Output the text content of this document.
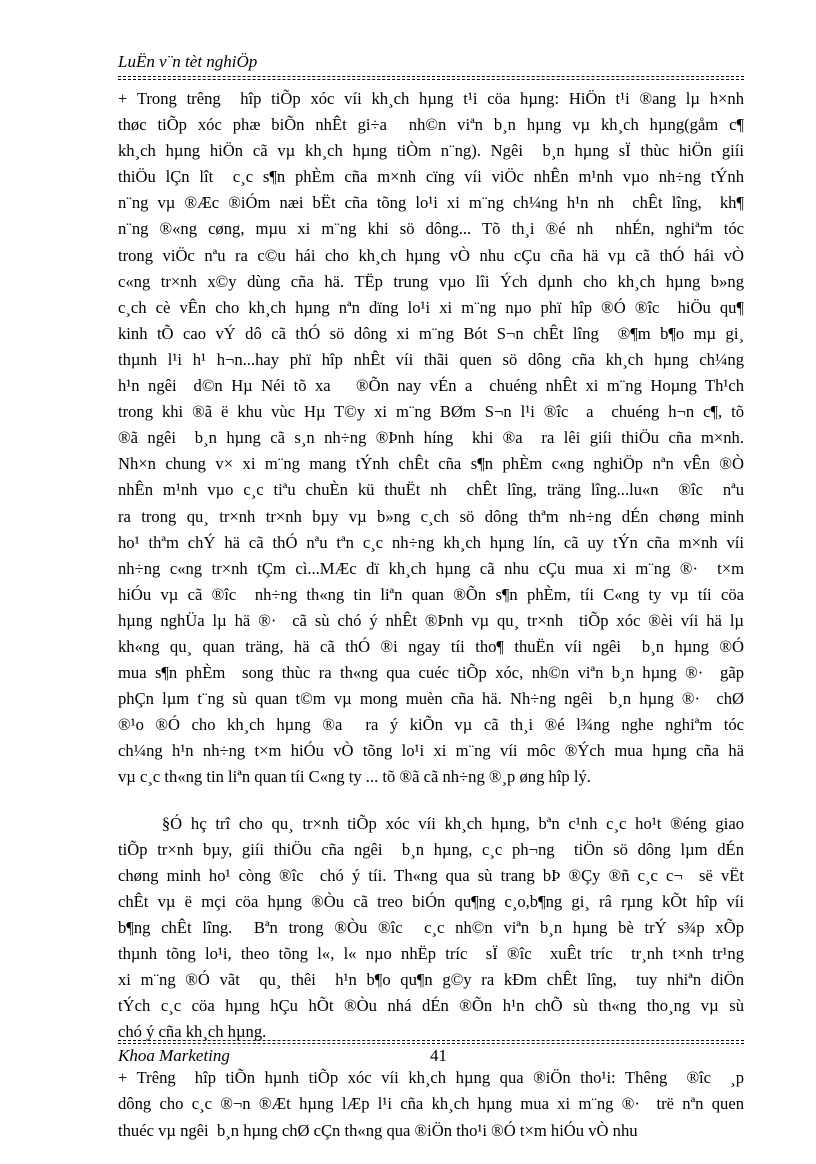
LuËn v¨n tèt nghiÖp
+ Trong trêng  hîp tiÕp xóc víi kh¸ch hµng t¹i cöa hµng: HiÖn t¹i ®ang lµ h×nh
thøc tiÕp xóc phæ biÕn nhÊt gi÷a  nh©n viªn b¸n hµng vµ kh¸ch hµng(gåm c¶
kh¸ch hµng hiÖn cã vµ kh¸ch hµng tiÒm n¨ng). Ngêi  b¸n hµng sÏ thùc hiÖn giíi
thiÖu lÇn lît  c¸c s¶n phÈm cña m×nh cïng víi viÖc nhÊn m¹nh vµo nh÷ng tÝnh
n¨ng vµ ®Æc ®iÓm næi bËt cña tõng lo¹i xi m¨ng ch¼ng h¹n nh  chÊt lîng,  kh¶
n¨ng ®«ng cøng, mµu xi m¨ng khi sö dông... Tõ th¸i ®é nh  nhÉn, nghiªm tóc
trong viÖc nªu ra c©u hái cho kh¸ch hµng vÒ nhu cÇu cña hä vµ cã thÓ hái vÒ
c«ng tr×nh x©y dùng cña hä. TËp trung vµo lîi Ých dµnh cho kh¸ch hµng b»ng
c¸ch cè vÊn cho kh¸ch hµng nªn dïng lo¹i xi m¨ng nµo phï hîp ®Ó ®îc  hiÖu qu¶
kinh tÕ cao vÝ dô cã thÓ sö dông xi m¨ng Bót S¬n chÊt lîng  ®¶m b¶o mµ gi¸
thµnh l¹i h¹ h¬n...hay phï hîp nhÊt víi thãi quen sö dông cña kh¸ch hµng ch¼ng
h¹n ngêi  d©n Hµ Néi tõ xa   ®Õn nay vÉn a  chuéng nhÊt xi m¨ng Hoµng Th¹ch
trong khi ®ã ë khu vùc Hµ T©y xi m¨ng BØm S¬n l¹i ®îc  a  chuéng h¬n c¶, tõ
®ã ngêi  b¸n hµng cã s¸n nh÷ng ®Þnh híng  khi ®a  ra lêi giíi thiÖu cña m×nh.
Nh×n chung v× xi m¨ng mang tÝnh chÊt cña s¶n phÈm c«ng nghiÖp nªn vÊn ®Ò
nhÊn m¹nh vµo c¸c tiªu chuÈn kü thuËt nh  chÊt lîng, träng lîng...lu«n  ®îc  nªu
ra trong qu¸ tr×nh tr×nh bµy vµ b»ng c¸ch sö dông thªm nh÷ng dÉn chøng minh
ho¹ thªm chÝ hä cã thÓ nªu tªn c¸c nh÷ng kh¸ch hµng lín, cã uy tÝn cña m×nh víi
nh÷ng c«ng tr×nh tÇm cì...MÆc dï kh¸ch hµng cã nhu cÇu mua xi m¨ng ®·  t×m
hiÓu vµ cã ®îc  nh÷ng th«ng tin liªn quan ®Õn s¶n phÈm, tíi C«ng ty vµ tíi cöa
hµng nghÜa lµ hä ®·  cã sù chó ý nhÊt ®Þnh vµ qu¸ tr×nh  tiÕp xóc ®èi víi hä lµ
kh«ng qu¸ quan träng, hä cã thÓ ®i ngay tíi tho¶ thuËn víi ngêi  b¸n hµng ®Ó
mua s¶n phÈm  song thùc ra th«ng qua cuéc tiÕp xóc, nh©n viªn b¸n hµng ®·  gãp
phÇn lµm t¨ng sù quan t©m vµ mong muèn cña hä. Nh÷ng ngêi  b¸n hµng ®·  chØ
®¹o ®Ó cho kh¸ch hµng ®a  ra ý kiÕn vµ cã th¸i ®é l¾ng nghe nghiªm tóc
ch¼ng h¹n nh÷ng t×m hiÓu vÒ tõng lo¹i xi m¨ng víi môc ®Ých mua hµng cña hä
vµ c¸c th«ng tin liªn quan tíi C«ng ty ... tõ ®ã cã nh÷ng ®¸p øng hîp lý.
§Ó hç trî cho qu¸ tr×nh tiÕp xóc víi kh¸ch hµng, bªn c¹nh c¸c ho¹t ®éng giao
tiÕp tr×nh bµy, giíi thiÖu cña ngêi  b¸n hµng, c¸c ph¬ng  tiÖn sö dông lµm dÉn
chøng minh ho¹ còng ®îc  chó ý tíi. Th«ng qua sù trang bÞ ®Çy ®ñ c¸c c¬  së vËt
chÊt vµ ë mçi cöa hµng ®Òu cã treo biÓn qu¶ng c¸o,b¶ng gi¸ râ rµng kÕt hîp víi
b¶ng chÊt lîng.  Bªn trong ®Òu ®îc  c¸c nh©n viªn b¸n hµng bè trÝ s¾p xÕp
thµnh tõng lo¹i, theo tõng l«, l« nµo nhËp tríc  sÏ ®îc  xuÊt tríc  tr¸nh t×nh tr¹ng
xi m¨ng ®Ó vãt  qu¸ thêi  h¹n b¶o qu¶n g©y ra kÐm chÊt lîng,  tuy nhiªn diÖn
tÝch c¸c cöa hµng hÇu hÕt ®Òu nhá dÉn ®Õn h¹n chÕ sù th«ng tho¸ng vµ sù
chó ý cña kh¸ch hµng.
+ Trêng  hîp tiÕn hµnh tiÕp xóc víi kh¸ch hµng qua ®iÖn tho¹i: Thêng  ®îc  ¸p
dông cho c¸c ®¬n ®Æt hµng lÆp l¹i cña kh¸ch hµng mua xi m¨ng ®·  trë nªn quen
thuéc vµ ngêi  b¸n hµng chØ cÇn th«ng qua ®iÖn tho¹i ®Ó t×m hiÓu vÒ nhu
Khoa Marketing	41
